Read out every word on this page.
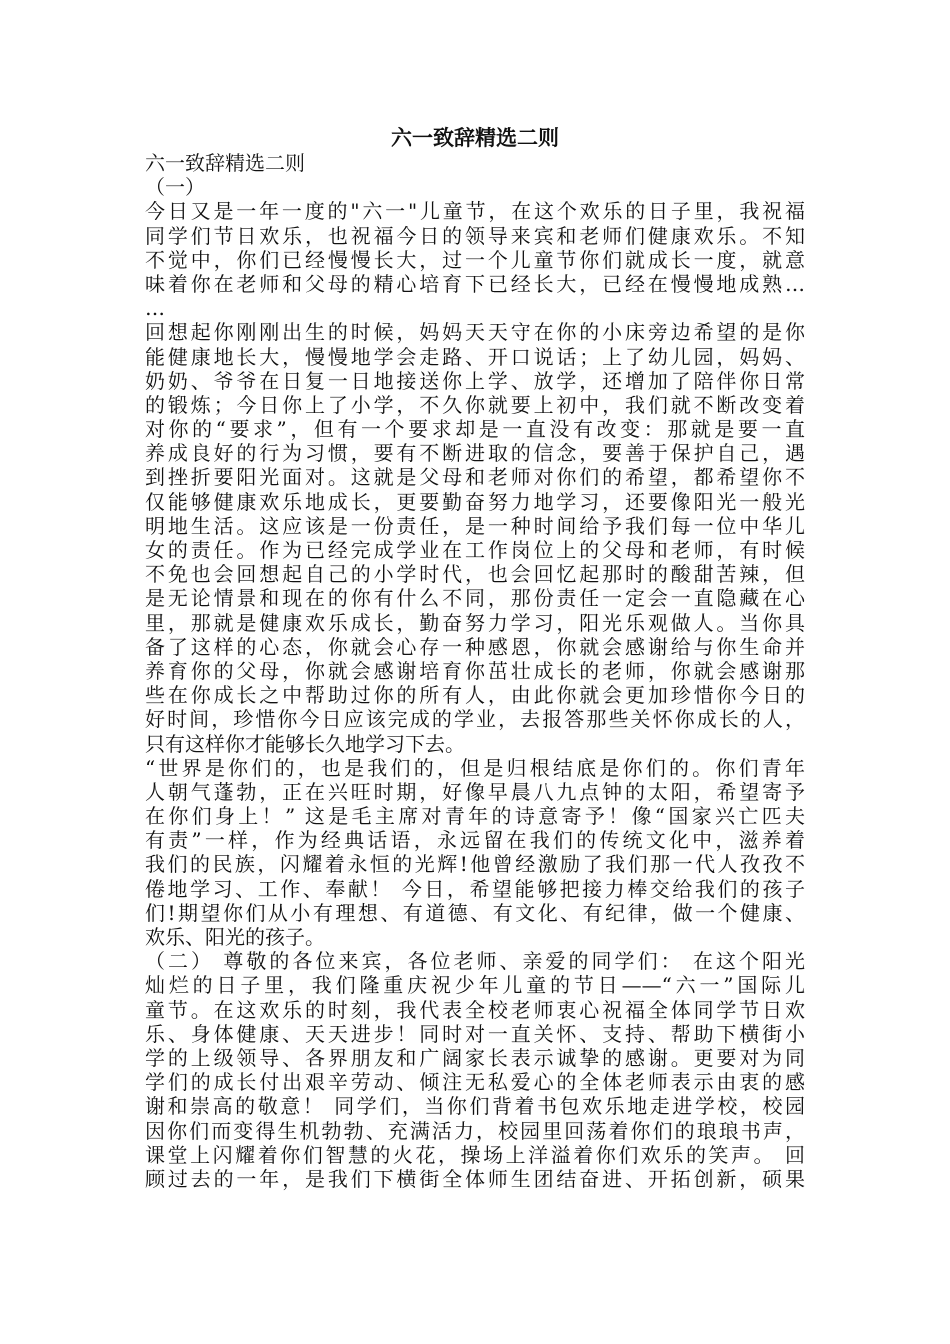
六一致辞精选二则
六一致辞精选二则
（一）
今日又是一年一度的"六一"儿童节，在这个欢乐的日子里，我祝福
同学们节日欢乐，也祝福今日的领导来宾和老师们健康欢乐。不知
不觉中，你们已经慢慢长大，过一个儿童节你们就成长一度，就意
味着你在老师和父母的精心培育下已经长大，已经在慢慢地成熟…
…
回想起你刚刚出生的时候，妈妈天天守在你的小床旁边希望的是你
能健康地长大，慢慢地学会走路、开口说话；上了幼儿园，妈妈、
奶奶、爷爷在日复一日地接送你上学、放学，还增加了陪伴你日常
的锻炼；今日你上了小学，不久你就要上初中，我们就不断改变着
对你的“要求”，但有一个要求却是一直没有改变：那就是要一直
养成良好的行为习惯，要有不断进取的信念，要善于保护自己，遇
到挫折要阳光面对。这就是父母和老师对你们的希望，都希望你不
仅能够健康欢乐地成长，更要勤奋努力地学习，还要像阳光一般光
明地生活。这应该是一份责任，是一种时间给予我们每一位中华儿
女的责任。作为已经完成学业在工作岗位上的父母和老师，有时候
不免也会回想起自己的小学时代，也会回忆起那时的酸甜苦辣，但
是无论情景和现在的你有什么不同，那份责任一定会一直隐藏在心
里，那就是健康欢乐成长，勤奋努力学习，阳光乐观做人。当你具
备了这样的心态，你就会心存一种感恩，你就会感谢给与你生命并
养育你的父母，你就会感谢培育你茁壮成长的老师，你就会感谢那
些在你成长之中帮助过你的所有人，由此你就会更加珍惜你今日的
好时间，珍惜你今日应该完成的学业，去报答那些关怀你成长的人，
只有这样你才能够长久地学习下去。
“世界是你们的，也是我们的，但是归根结底是你们的。你们青年
人朝气蓬勃，正在兴旺时期，好像早晨八九点钟的太阳，希望寄予
在你们身上！” 这是毛主席对青年的诗意寄予！像“国家兴亡匹夫
有责”一样，作为经典话语，永远留在我们的传统文化中，滋养着
我们的民族，闪耀着永恒的光辉!他曾经激励了我们那一代人孜孜不
倦地学习、工作、奉献！ 今日，希望能够把接力棒交给我们的孩子
们!期望你们从小有理想、有道德、有文化、有纪律，做一个健康、
欢乐、阳光的孩子。
（二） 尊敬的各位来宾，各位老师、亲爱的同学们： 在这个阳光
灿烂的日子里，我们隆重庆祝少年儿童的节日——“六一”国际儿
童节。在这欢乐的时刻，我代表全校老师衷心祝福全体同学节日欢
乐、身体健康、天天进步！同时对一直关怀、支持、帮助下横街小
学的上级领导、各界朋友和广阔家长表示诚挚的感谢。更要对为同
学们的成长付出艰辛劳动、倾注无私爱心的全体老师表示由衷的感
谢和崇高的敬意！ 同学们，当你们背着书包欢乐地走进学校，校园
因你们而变得生机勃勃、充满活力，校园里回荡着你们的琅琅书声，
课堂上闪耀着你们智慧的火花，操场上洋溢着你们欢乐的笑声。 回
顾过去的一年，是我们下横街全体师生团结奋进、开拓创新，硕果
